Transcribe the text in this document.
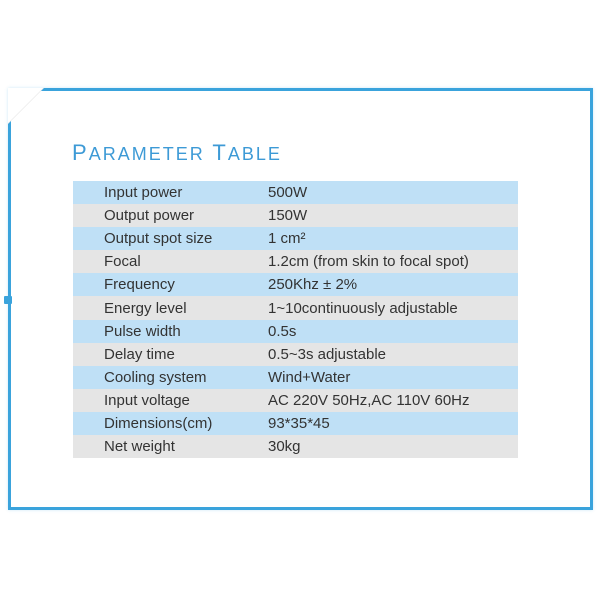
PARAMETER TABLE
Input power	500W
Output power	150W
Output spot size	1 cm²
Focal	1.2cm (from skin to focal spot)
Frequency	250Khz ± 2%
Energy level	1~10continuously adjustable
Pulse width	0.5s
Delay time	0.5~3s adjustable
Cooling system	Wind+Water
Input voltage	AC 220V 50Hz,AC 110V 60Hz
Dimensions(cm)	93*35*45
Net weight	30kg
